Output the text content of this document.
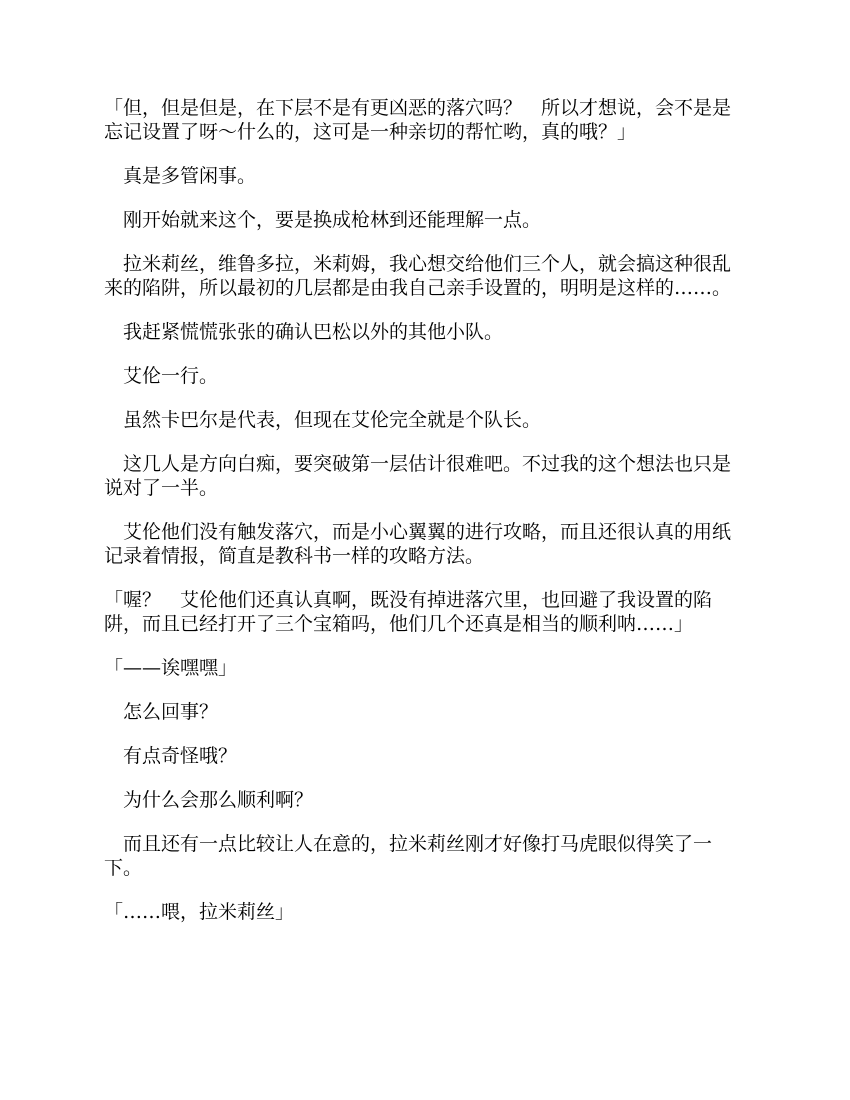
「但，但是但是，在下层不是有更凶恶的落穴吗？　所以才想说，会不是是忘记设置了呀～什么的，这可是一种亲切的帮忙哟，真的哦？」

　真是多管闲事。

　刚开始就来这个，要是换成枪林到还能理解一点。

　拉米莉丝，维鲁多拉，米莉姆，我心想交给他们三个人，就会搞这种很乱来的陷阱，所以最初的几层都是由我自己亲手设置的，明明是这样的……。

　我赶紧慌慌张张的确认巴松以外的其他小队。

　艾伦一行。

　虽然卡巴尔是代表，但现在艾伦完全就是个队长。

　这几人是方向白痴，要突破第一层估计很难吧。不过我的这个想法也只是说对了一半。

　艾伦他们没有触发落穴，而是小心翼翼的进行攻略，而且还很认真的用纸记录着情报，简直是教科书一样的攻略方法。

「喔？　艾伦他们还真认真啊，既没有掉进落穴里，也回避了我设置的陷阱，而且已经打开了三个宝箱吗，他们几个还真是相当的顺利呐……」

「——诶嘿嘿」

　怎么回事？

　有点奇怪哦？

　为什么会那么顺利啊？

　而且还有一点比较让人在意的，拉米莉丝刚才好像打马虎眼似得笑了一下。

「……喂，拉米莉丝」
